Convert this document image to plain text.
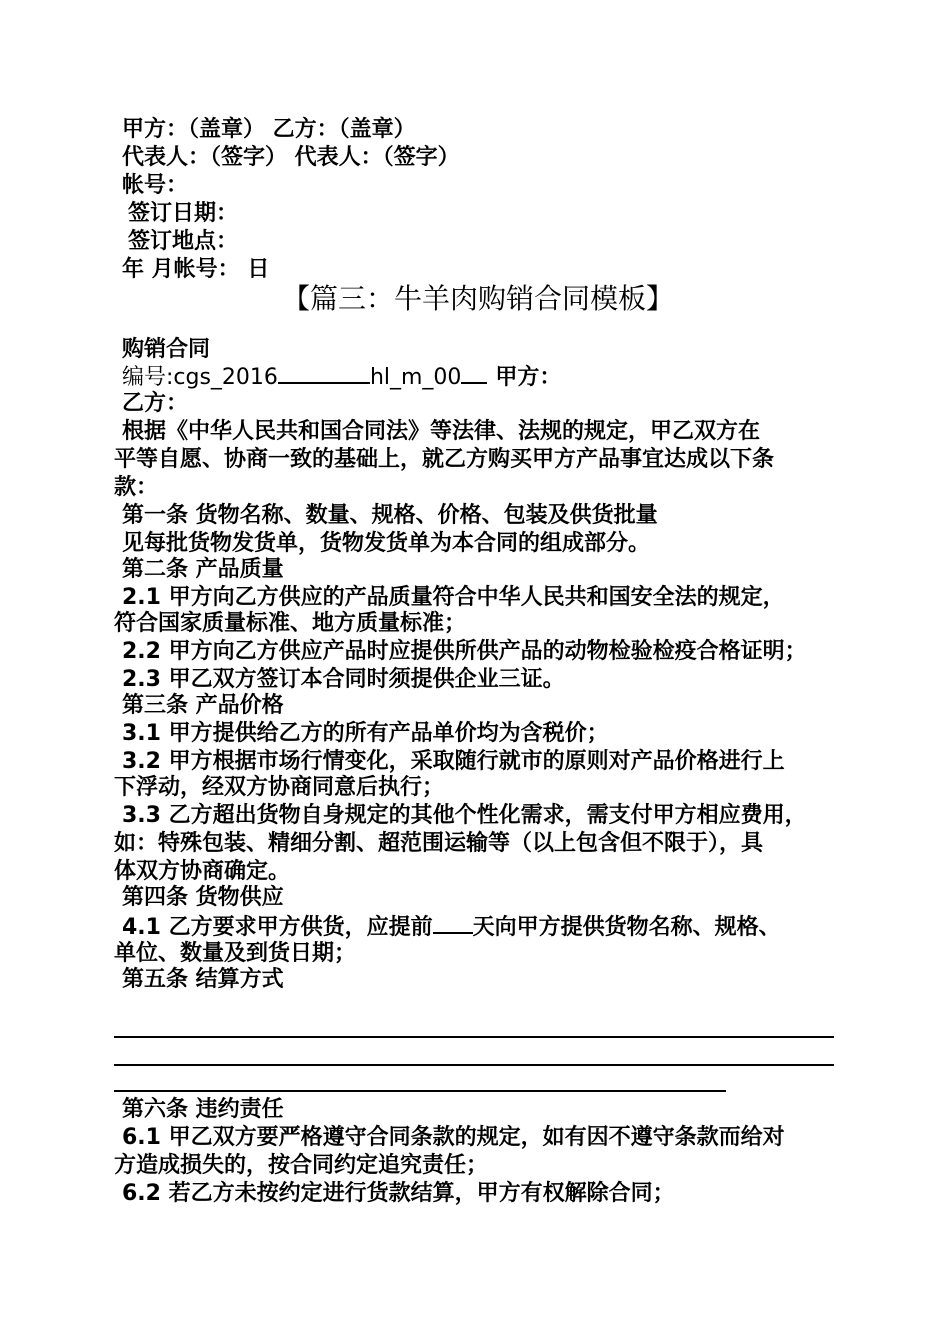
甲方：（盖章） 乙方：（盖章）
代表人：（签字） 代表人：（签字）
帐号：
签订日期：
签订地点：
年 月帐号： 日
【篇三：牛羊肉购销合同模板】
购销合同
编号:cgs_2016	hl_m_00 甲方：
乙方：
根据《中华人民共和国合同法》等法律、法规的规定，甲乙双方在
平等自愿、协商一致的基础上，就乙方购买甲方产品事宜达成以下条
款：
第一条 货物名称、数量、规格、价格、包装及供货批量
见每批货物发货单，货物发货单为本合同的组成部分。
第二条 产品质量
2.1 甲方向乙方供应的产品质量符合中华人民共和国安全法的规定，
符合国家质量标准、地方质量标准；
2.2 甲方向乙方供应产品时应提供所供产品的动物检验检疫合格证明；
2.3 甲乙双方签订本合同时须提供企业三证。
第三条 产品价格
3.1 甲方提供给乙方的所有产品单价均为含税价；
3.2 甲方根据市场行情变化，采取随行就市的原则对产品价格进行上
下浮动，经双方协商同意后执行；
3.3 乙方超出货物自身规定的其他个性化需求，需支付甲方相应费用，
如：特殊包装、精细分割、超范围运输等（以上包含但不限于），具
体双方协商确定。
第四条 货物供应
4.1 乙方要求甲方供货，应提前 天向甲方提供货物名称、规格、
单位、数量及到货日期；
第五条 结算方式
第六条 违约责任
6.1 甲乙双方要严格遵守合同条款的规定，如有因不遵守条款而给对
方造成损失的，按合同约定追究责任；
6.2 若乙方未按约定进行货款结算，甲方有权解除合同；
